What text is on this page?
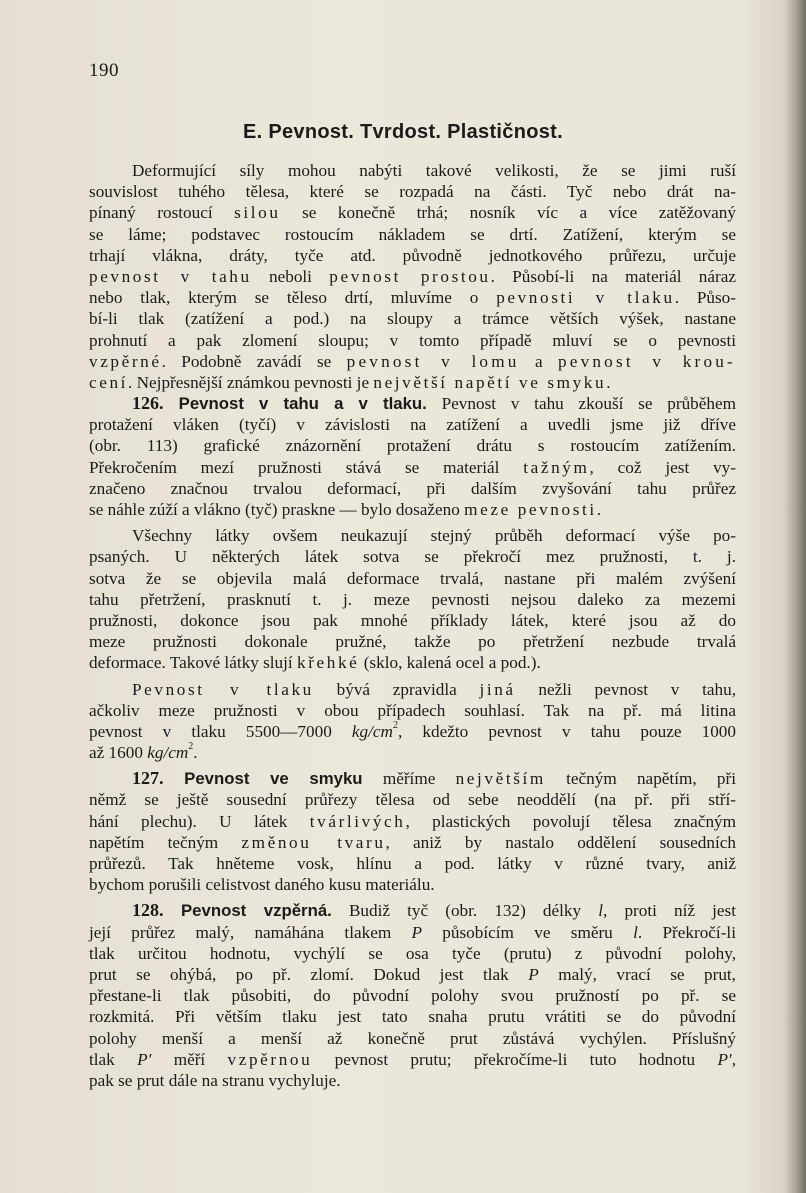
190
E. Pevnost. Tvrdost. Plastičnost.
Deformující síly mohou nabýti takové velikosti, že se jimi ruší
souvislost tuhého tělesa, které se rozpadá na části. Tyč nebo drát na-
pínaný rostoucí silou se konečně trhá; nosník víc a více zatěžovaný
se láme; podstavec rostoucím nákladem se drtí. Zatížení, kterým se
trhají vlákna, dráty, tyče atd. původně jednotkového průřezu, určuje
pevnost v tahu neboli pevnost prostou. Působí-li na materiál náraz
nebo tlak, kterým se těleso drtí, mluvíme o pevnosti v tlaku. Půso-
bí-li tlak (zatížení a pod.) na sloupy a trámce větších výšek, nastane
prohnutí a pak zlomení sloupu; v tomto případě mluví se o pevnosti
vzpěrné. Podobně zavádí se pevnost v lomu a pevnost v krou-
cení. Nejpřesnější známkou pevnosti je největší napětí ve smyku.
126. Pevnost v tahu a v tlaku. Pevnost v tahu zkouší se průběhem
protažení vláken (tyčí) v závislosti na zatížení a uvedli jsme již dříve
(obr. 113) grafické znázornění protažení drátu s rostoucím zatížením.
Překročením mezí pružnosti stává se materiál tažným, což jest vy-
značeno značnou trvalou deformací, při dalším zvyšování tahu průřez
se náhle zúží a vlákno (tyč) praskne — bylo dosaženo meze pevnosti.
Všechny látky ovšem neukazují stejný průběh deformací výše po-
psaných. U některých látek sotva se překročí mez pružnosti, t. j.
sotva že se objevila malá deformace trvalá, nastane při malém zvýšení
tahu přetržení, prasknutí t. j. meze pevnosti nejsou daleko za mezemi
pružnosti, dokonce jsou pak mnohé příklady látek, které jsou až do
meze pružnosti dokonale pružné, takže po přetržení nezbude trvalá
deformace. Takové látky slují křehké (sklo, kalená ocel a pod.).
Pevnost v tlaku bývá zpravidla jiná nežli pevnost v tahu,
ačkoliv meze pružnosti v obou případech souhlasí. Tak na př. má litina
pevnost v tlaku 5500—7000 $kg/cm^2$, kdežto pevnost v tahu pouze 1000
až 1600 $kg/cm^2$.
127. Pevnost ve smyku měříme největším tečným napětím, při
němž se ještě sousední průřezy tělesa od sebe neoddělí (na př. při stří-
hání plechu). U látek tvárlivých, plastických povolují tělesa značným
napětím tečným změnou tvaru, aniž by nastalo oddělení sousedních
průřezů. Tak hněteme vosk, hlínu a pod. látky v různé tvary, aniž
bychom porušili celistvost daného kusu materiálu.
128. Pevnost vzpěrná. Budiž tyč (obr. 132) délky l, proti níž jest
její průřez malý, namáhána tlakem P působícím ve směru l. Překročí-li
tlak určitou hodnotu, vychýlí se osa tyče (prutu) z původní polohy,
prut se ohýbá, po př. zlomí. Dokud jest tlak P malý, vrací se prut,
přestane-li tlak působiti, do původní polohy svou pružností po př. se
rozkmitá. Při větším tlaku jest tato snaha prutu vrátiti se do původní
polohy menší a menší až konečně prut zůstává vychýlen. Příslušný
tlak P′ měří vzpěrnou pevnost prutu; překročíme-li tuto hodnotu P′,
pak se prut dále na stranu vychyluje.
